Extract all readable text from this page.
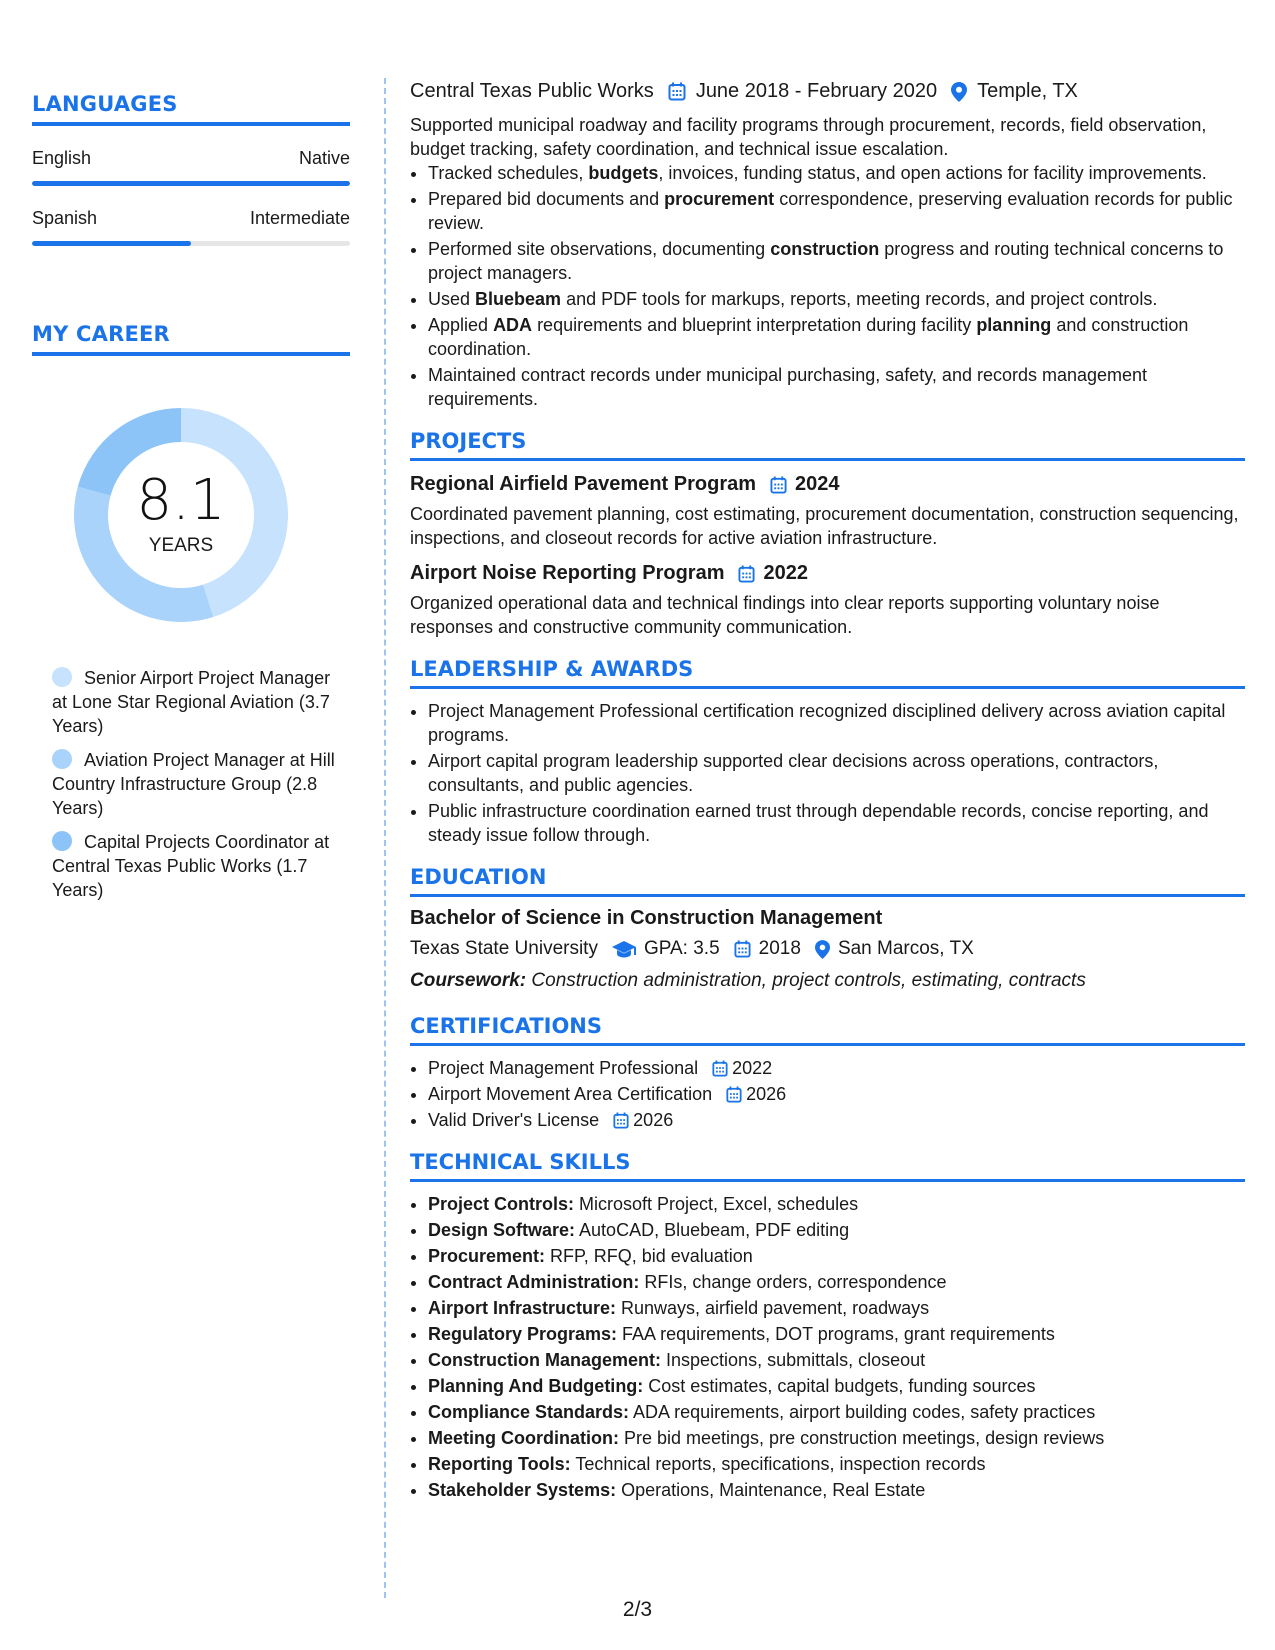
LANGUAGES
English	Native
Spanish	Intermediate
MY CAREER
8.1
YEARS
Senior Airport Project Manager at Lone Star Regional Aviation (3.7 Years)
Aviation Project Manager at Hill Country Infrastructure Group (2.8 Years)
Capital Projects Coordinator at Central Texas Public Works (1.7 Years)
Central Texas Public Works June 2018 - February 2020 Temple, TX

Supported municipal roadway and facility programs through procurement, records, field observation, budget tracking, safety coordination, and technical issue escalation.

• Tracked schedules, budgets, invoices, funding status, and open actions for facility improvements.
• Prepared bid documents and procurement correspondence, preserving evaluation records for public review.
• Performed site observations, documenting construction progress and routing technical concerns to project managers.
• Used Bluebeam and PDF tools for markups, reports, meeting records, and project controls.
• Applied ADA requirements and blueprint interpretation during facility planning and construction coordination.
• Maintained contract records under municipal purchasing, safety, and records management requirements.
PROJECTS
Regional Airfield Pavement Program 2024

Coordinated pavement planning, cost estimating, procurement documentation, construction sequencing, inspections, and closeout records for active aviation infrastructure.

Airport Noise Reporting Program 2022

Organized operational data and technical findings into clear reports supporting voluntary noise responses and constructive community communication.

LEADERSHIP & AWARDS
• Project Management Professional certification recognized disciplined delivery across aviation capital programs.
• Airport capital program leadership supported clear decisions across operations, contractors, consultants, and public agencies.
• Public infrastructure coordination earned trust through dependable records, concise reporting, and steady issue follow through.
EDUCATION
Bachelor of Science in Construction Management
Texas State University GPA: 3.5 2018 San Marcos, TX
Coursework: Construction administration, project controls, estimating, contracts
CERTIFICATIONS
• Project Management Professional 2022
• Airport Movement Area Certification 2026
• Valid Driver's License 2026
TECHNICAL SKILLS
• Project Controls: Microsoft Project, Excel, schedules
• Design Software: AutoCAD, Bluebeam, PDF editing
• Procurement: RFP, RFQ, bid evaluation
• Contract Administration: RFIs, change orders, correspondence
• Airport Infrastructure: Runways, airfield pavement, roadways
• Regulatory Programs: FAA requirements, DOT programs, grant requirements
• Construction Management: Inspections, submittals, closeout
• Planning And Budgeting: Cost estimates, capital budgets, funding sources
• Compliance Standards: ADA requirements, airport building codes, safety practices
• Meeting Coordination: Pre bid meetings, pre construction meetings, design reviews
• Reporting Tools: Technical reports, specifications, inspection records
• Stakeholder Systems: Operations, Maintenance, Real Estate
2/3
